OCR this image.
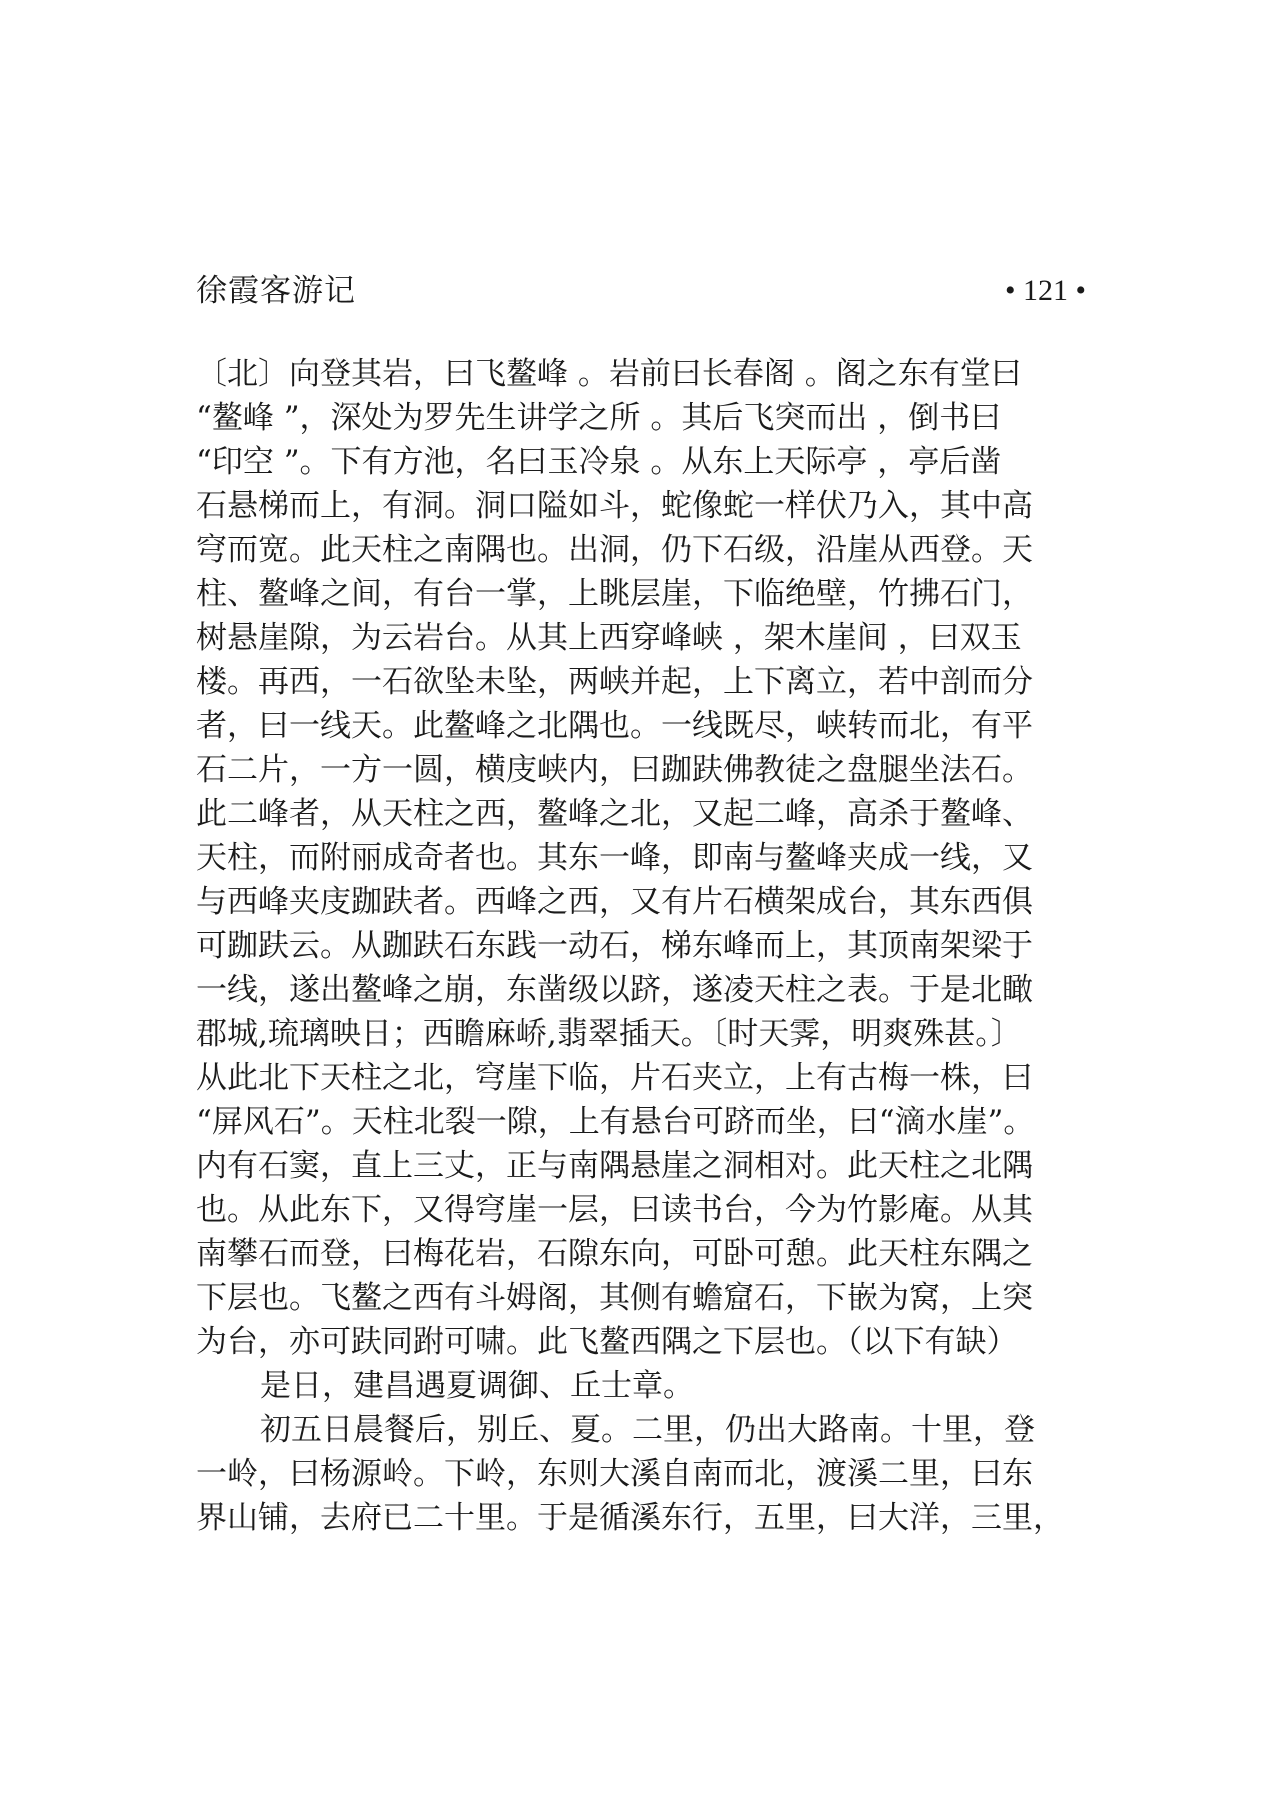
徐霞客游记	• 121 •
〔北〕向登其岩，曰飞鳌峰 。岩前曰长春阁 。阁之东有堂曰
“鳌峰 ”，深处为罗先生讲学之所 。其后飞突而出 ，倒书曰
“印空 ”。下有方池，名曰玉冷泉 。从东上天际亭 ，亭后凿
石悬梯而上，有洞。洞口隘如斗，蛇像蛇一样伏乃入，其中高
穹而宽。此天柱之南隅也。出洞，仍下石级，沿崖从西登。天
柱、鳌峰之间，有台一掌，上眺层崖，下临绝壁，竹拂石门，
树悬崖隙，为云岩台。从其上西穿峰峡 ，架木崖间 ，曰双玉
楼。再西，一石欲坠未坠，两峡并起，上下离立，若中剖而分
者，曰一线天。此鳌峰之北隅也。一线既尽，峡转而北，有平
石二片，一方一圆，横庋峡内，曰跏趺佛教徒之盘腿坐法石。
此二峰者，从天柱之西，鳌峰之北，又起二峰，高杀于鳌峰、
天柱，而附丽成奇者也。其东一峰，即南与鳌峰夹成一线，又
与西峰夹庋跏趺者。西峰之西，又有片石横架成台，其东西俱
可跏趺云。从跏趺石东践一动石，梯东峰而上，其顶南架梁于
一线，遂出鳌峰之崩，东凿级以跻，遂凌天柱之表。于是北瞰
郡城,琉璃映日；西瞻麻峤,翡翠插天。〔时天霁，明爽殊甚。〕
从此北下天柱之北，穹崖下临，片石夹立，上有古梅一株，曰
“屏风石”。天柱北裂一隙，上有悬台可跻而坐，曰“滴水崖”。
内有石窦，直上三丈，正与南隅悬崖之洞相对。此天柱之北隅
也。从此东下，又得穹崖一层，曰读书台，今为竹影庵。从其
南攀石而登，曰梅花岩，石隙东向，可卧可憩。此天柱东隅之
下层也。飞鳌之西有斗姆阁，其侧有蟾窟石，下嵌为窝，上突
为台，亦可趺同跗可啸。此飞鳌西隅之下层也。（以下有缺）
是日，建昌遇夏调御、丘士章。
初五日晨餐后，别丘、夏。二里，仍出大路南。十里，登
一岭，曰杨源岭。下岭，东则大溪自南而北，渡溪二里，曰东
界山铺，去府已二十里。于是循溪东行，五里，曰大洋，三里，
